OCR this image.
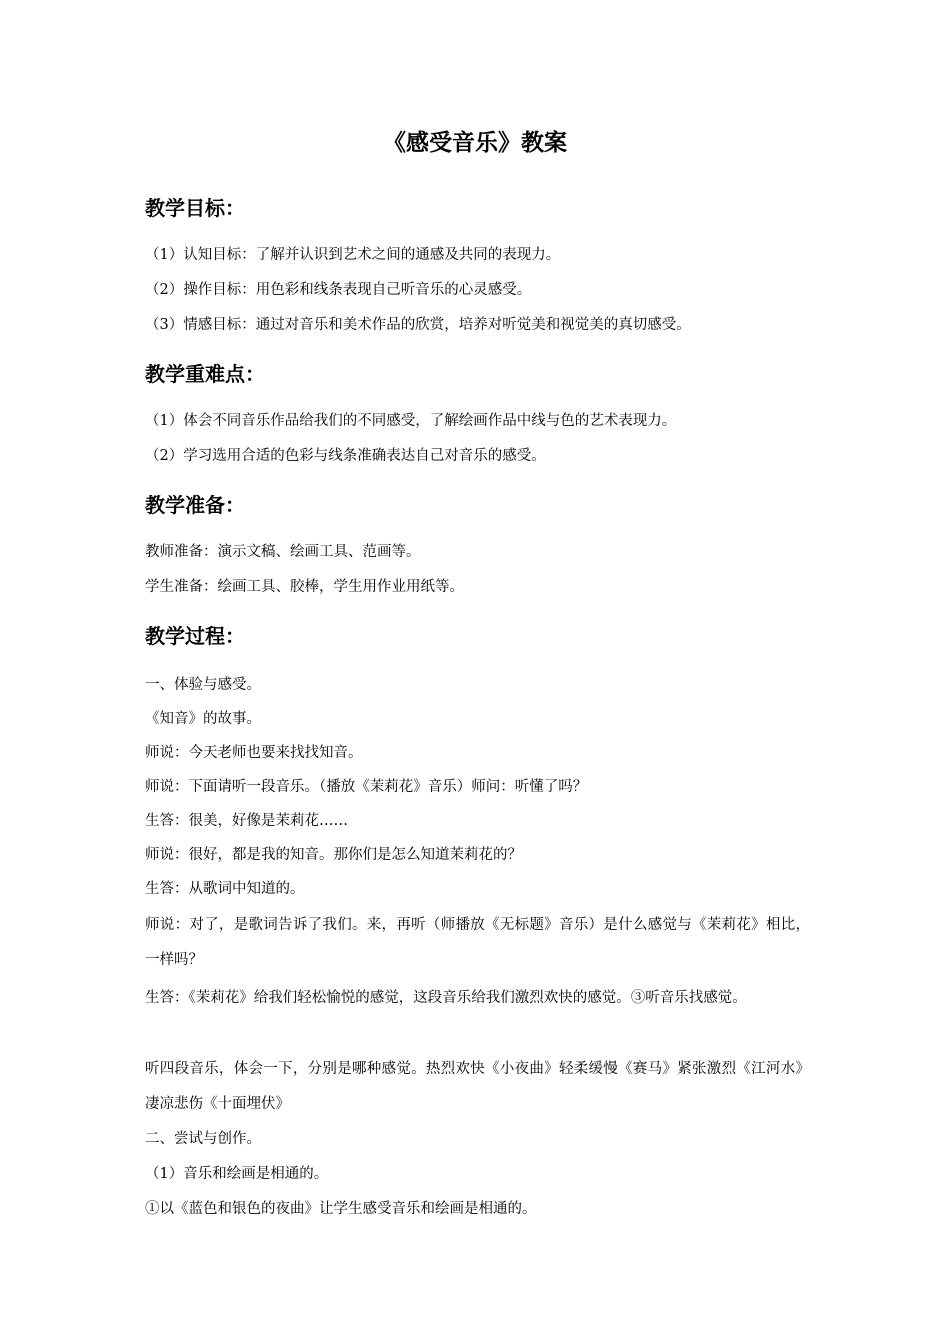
《感受音乐》教案
教学目标：
（1）认知目标：了解并认识到艺术之间的通感及共同的表现力。
（2）操作目标：用色彩和线条表现自己听音乐的心灵感受。
（3）情感目标：通过对音乐和美术作品的欣赏，培养对听觉美和视觉美的真切感受。
教学重难点：
（1）体会不同音乐作品给我们的不同感受，了解绘画作品中线与色的艺术表现力。
（2）学习选用合适的色彩与线条准确表达自己对音乐的感受。
教学准备：
教师准备：演示文稿、绘画工具、范画等。
学生准备：绘画工具、胶棒，学生用作业用纸等。
教学过程：
一、体验与感受。
《知音》的故事。
师说：今天老师也要来找找知音。
师说：下面请听一段音乐。（播放《茉莉花》音乐）师问：听懂了吗？
生答：很美，好像是茉莉花……
师说：很好，都是我的知音。那你们是怎么知道茉莉花的？
生答：从歌词中知道的。
师说：对了，是歌词告诉了我们。来，再听（师播放《无标题》音乐）是什么感觉与《茉莉花》相比，一样吗？
生答：《茉莉花》给我们轻松愉悦的感觉，这段音乐给我们激烈欢快的感觉。③听音乐找感觉。
听四段音乐，体会一下，分别是哪种感觉。热烈欢快《小夜曲》轻柔缓慢《赛马》紧张激烈《江河水》凄凉悲伤《十面埋伏》
二、尝试与创作。
（1）音乐和绘画是相通的。
①以《蓝色和银色的夜曲》让学生感受音乐和绘画是相通的。
